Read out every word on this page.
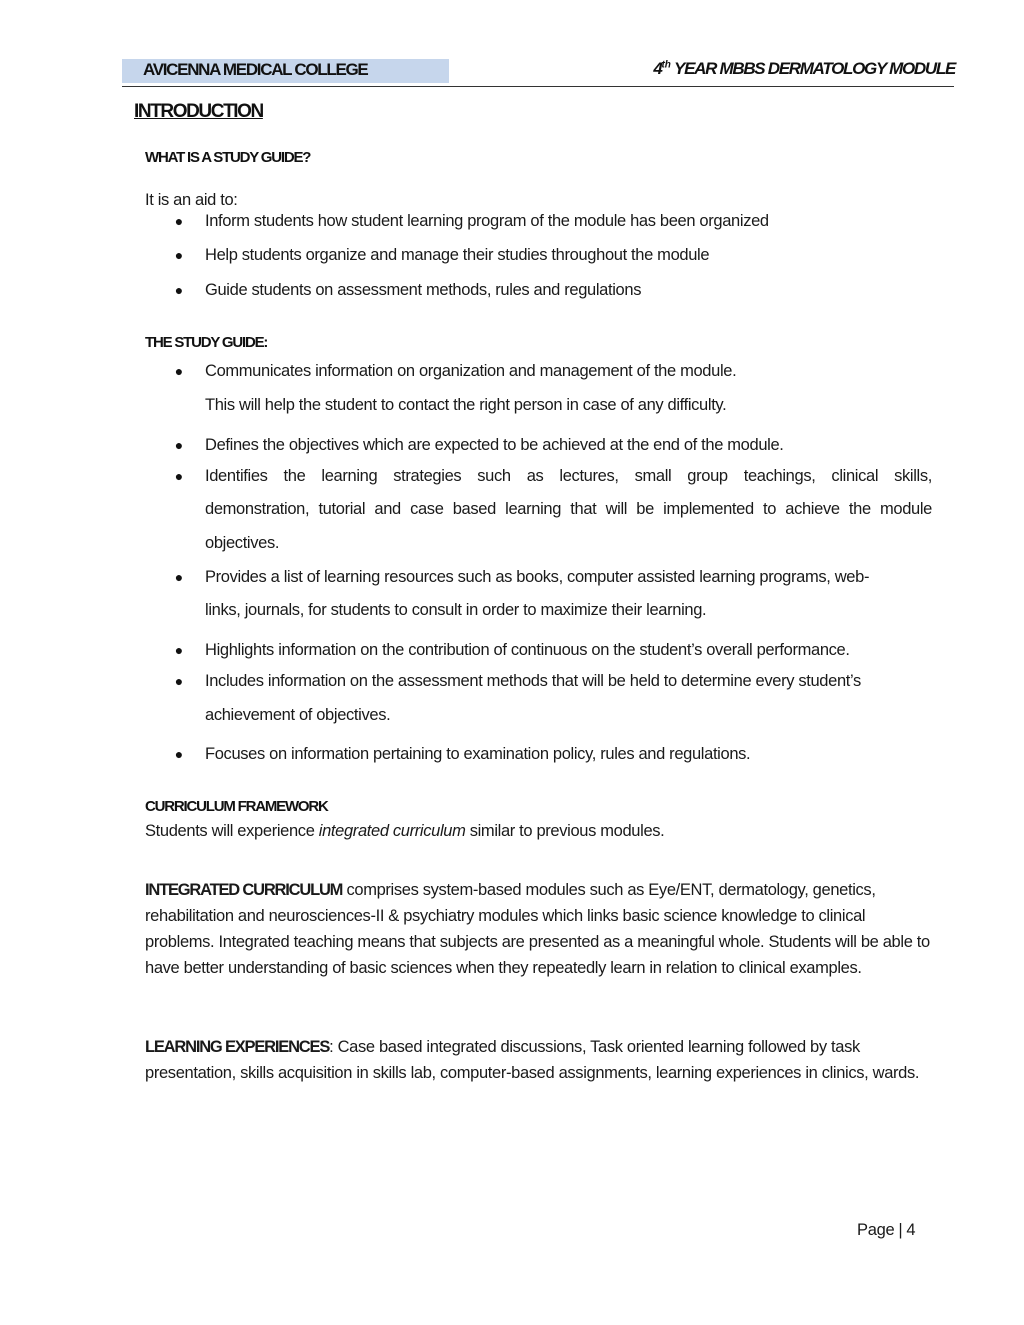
AVICENNA MEDICAL COLLEGE	4th YEAR MBBS DERMATOLOGY MODULE
INTRODUCTION
WHAT IS A STUDY GUIDE?
It is an aid to:
● Inform students how student learning program of the module has been organized
● Help students organize and manage their studies throughout the module
● Guide students on assessment methods, rules and regulations
THE STUDY GUIDE:
● Communicates information on organization and management of the module.
This will help the student to contact the right person in case of any difficulty.
● Defines the objectives which are expected to be achieved at the end of the module.
● Identifies the learning strategies such as lectures, small group teachings, clinical skills,
demonstration, tutorial and case based learning that will be implemented to achieve the module
objectives.
● Provides a list of learning resources such as books, computer assisted learning programs, web-
links, journals, for students to consult in order to maximize their learning.
● Highlights information on the contribution of continuous on the student’s overall performance.
● Includes information on the assessment methods that will be held to determine every student’s
achievement of objectives.
● Focuses on information pertaining to examination policy, rules and regulations.
CURRICULUM FRAMEWORK
Students will experience integrated curriculum similar to previous modules.
INTEGRATED CURRICULUM comprises system-based modules such as Eye/ENT, dermatology, genetics, rehabilitation and neurosciences-II & psychiatry modules which links basic science knowledge to clinical problems. Integrated teaching means that subjects are presented as a meaningful whole. Students will be able to have better understanding of basic sciences when they repeatedly learn in relation to clinical examples.
LEARNING EXPERIENCES: Case based integrated discussions, Task oriented learning followed by task presentation, skills acquisition in skills lab, computer-based assignments, learning experiences in clinics, wards.
Page | 4
